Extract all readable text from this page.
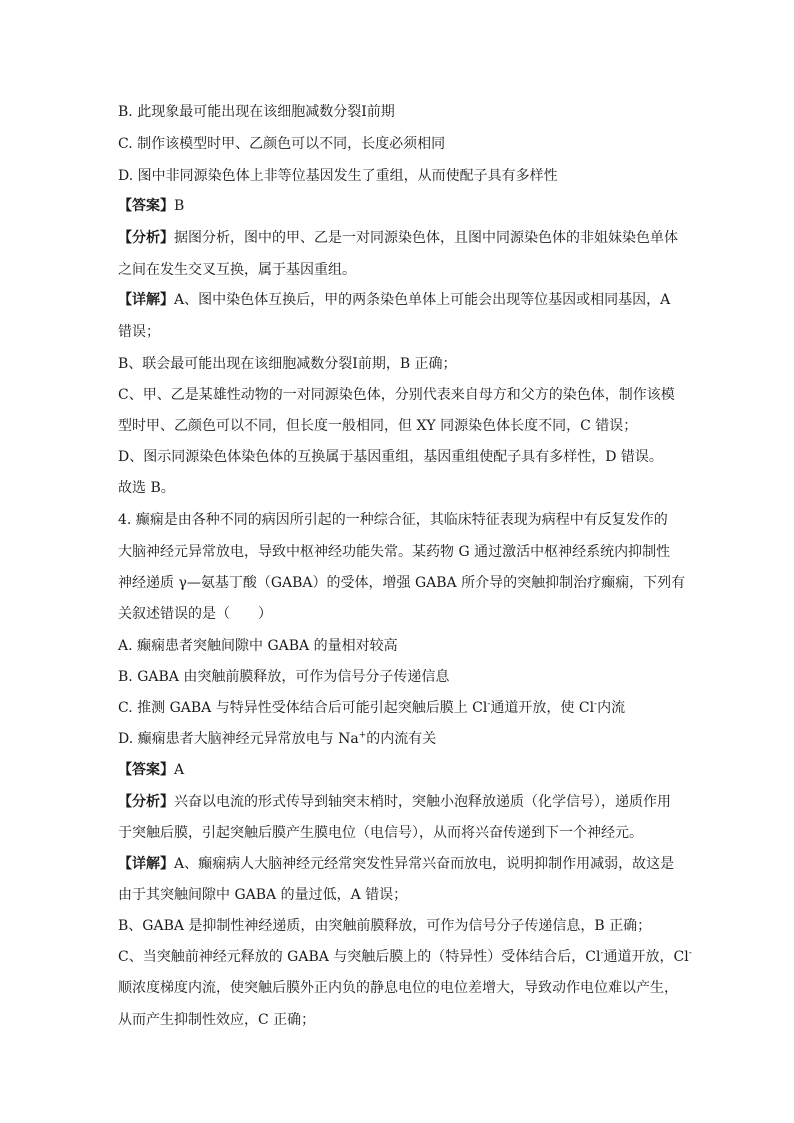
B. 此现象最可能出现在该细胞减数分裂Ⅰ前期
C. 制作该模型时甲、乙颜色可以不同，长度必须相同
D. 图中非同源染色体上非等位基因发生了重组，从而使配子具有多样性
【答案】B
【分析】据图分析，图中的甲、乙是一对同源染色体，且图中同源染色体的非姐妹染色单体
之间在发生交叉互换，属于基因重组。
【详解】A、图中染色体互换后，甲的两条染色单体上可能会出现等位基因或相同基因，A
错误；
B、联会最可能出现在该细胞减数分裂Ⅰ前期，B 正确；
C、甲、乙是某雄性动物的一对同源染色体，分别代表来自母方和父方的染色体，制作该模
型时甲、乙颜色可以不同，但长度一般相同，但 XY 同源染色体长度不同，C 错误；
D、图示同源染色体染色体的互换属于基因重组，基因重组使配子具有多样性，D 错误。
故选 B。
4. 癫痫是由各种不同的病因所引起的一种综合征，其临床特征表现为病程中有反复发作的
大脑神经元异常放电，导致中枢神经功能失常。某药物 G 通过激活中枢神经系统内抑制性
神经递质 γ—氨基丁酸（GABA）的受体，增强 GABA 所介导的突触抑制治疗癫痫，下列有
关叙述错误的是（　　）
A. 癫痫患者突触间隙中 GABA 的量相对较高
B. GABA 由突触前膜释放，可作为信号分子传递信息
C. 推测 GABA 与特异性受体结合后可能引起突触后膜上 Cl-通道开放，使 Cl-内流
D. 癫痫患者大脑神经元异常放电与 Na+的内流有关
【答案】A
【分析】兴奋以电流的形式传导到轴突末梢时，突触小泡释放递质（化学信号），递质作用
于突触后膜，引起突触后膜产生膜电位（电信号），从而将兴奋传递到下一个神经元。
【详解】A、癫痫病人大脑神经元经常突发性异常兴奋而放电，说明抑制作用减弱，故这是
由于其突触间隙中 GABA 的量过低，A 错误；
B、GABA 是抑制性神经递质，由突触前膜释放，可作为信号分子传递信息，B 正确；
C、当突触前神经元释放的 GABA 与突触后膜上的（特异性）受体结合后，Cl-通道开放，Cl-
顺浓度梯度内流，使突触后膜外正内负的静息电位的电位差增大，导致动作电位难以产生，
从而产生抑制性效应，C 正确；
